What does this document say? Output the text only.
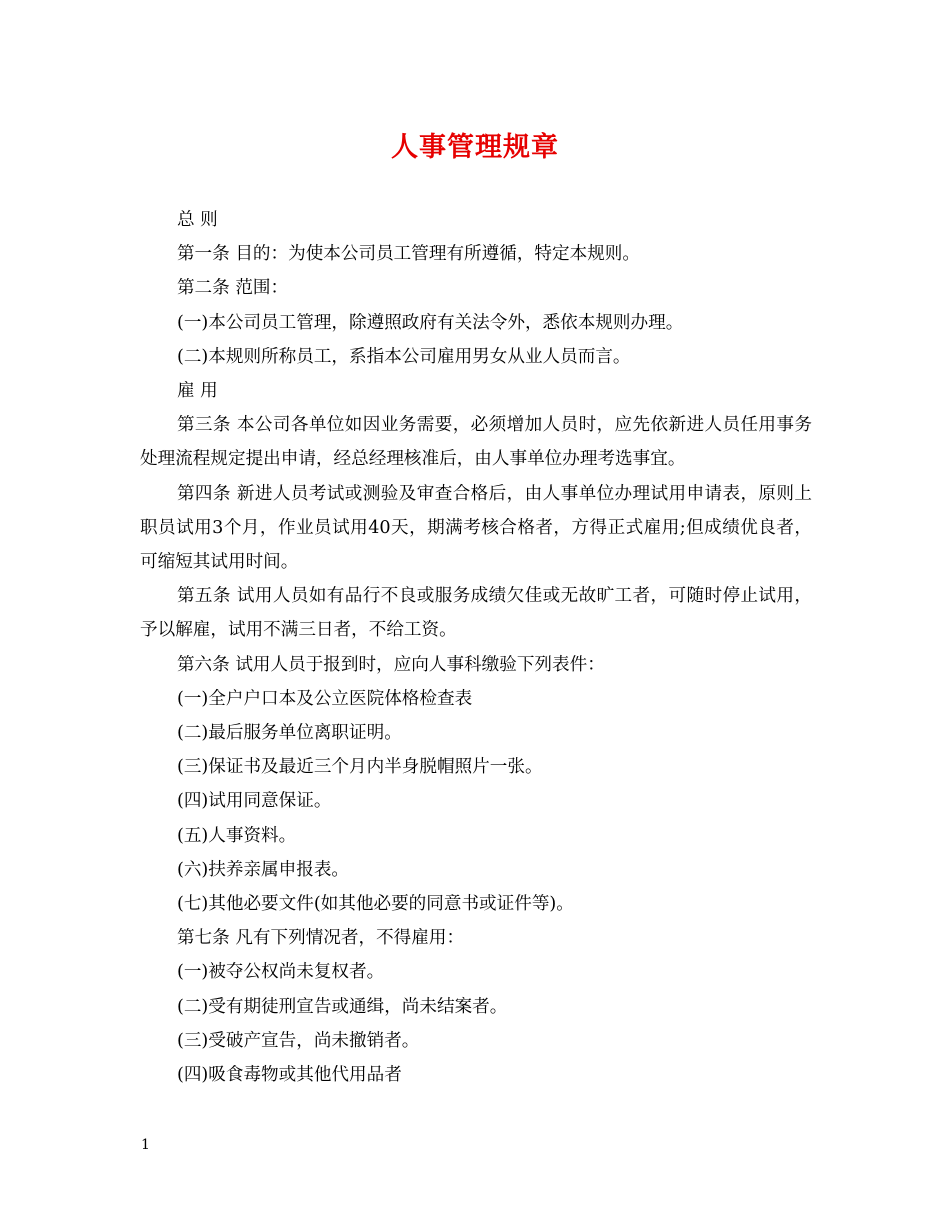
人事管理规章

总 则

第一条 目的：为使本公司员工管理有所遵循，特定本规则。

第二条 范围：

(一)本公司员工管理，除遵照政府有关法令外，悉依本规则办理。

(二)本规则所称员工，系指本公司雇用男女从业人员而言。

雇 用

第三条 本公司各单位如因业务需要，必须增加人员时，应先依新进人员任用事务处理流程规定提出申请，经总经理核准后，由人事单位办理考选事宜。

第四条 新进人员考试或测验及审查合格后，由人事单位办理试用申请表，原则上职员试用3个月，作业员试用40天，期满考核合格者，方得正式雇用;但成绩优良者，可缩短其试用时间。

第五条 试用人员如有品行不良或服务成绩欠佳或无故旷工者，可随时停止试用，予以解雇，试用不满三日者，不给工资。

第六条 试用人员于报到时，应向人事科缴验下列表件：

(一)全户户口本及公立医院体格检查表

(二)最后服务单位离职证明。

(三)保证书及最近三个月内半身脱帽照片一张。

(四)试用同意保证。

(五)人事资料。

(六)扶养亲属申报表。

(七)其他必要文件(如其他必要的同意书或证件等)。

第七条 凡有下列情况者，不得雇用：

(一)被夺公权尚未复权者。

(二)受有期徒刑宣告或通缉，尚未结案者。

(三)受破产宣告，尚未撤销者。

(四)吸食毒物或其他代用品者

1
